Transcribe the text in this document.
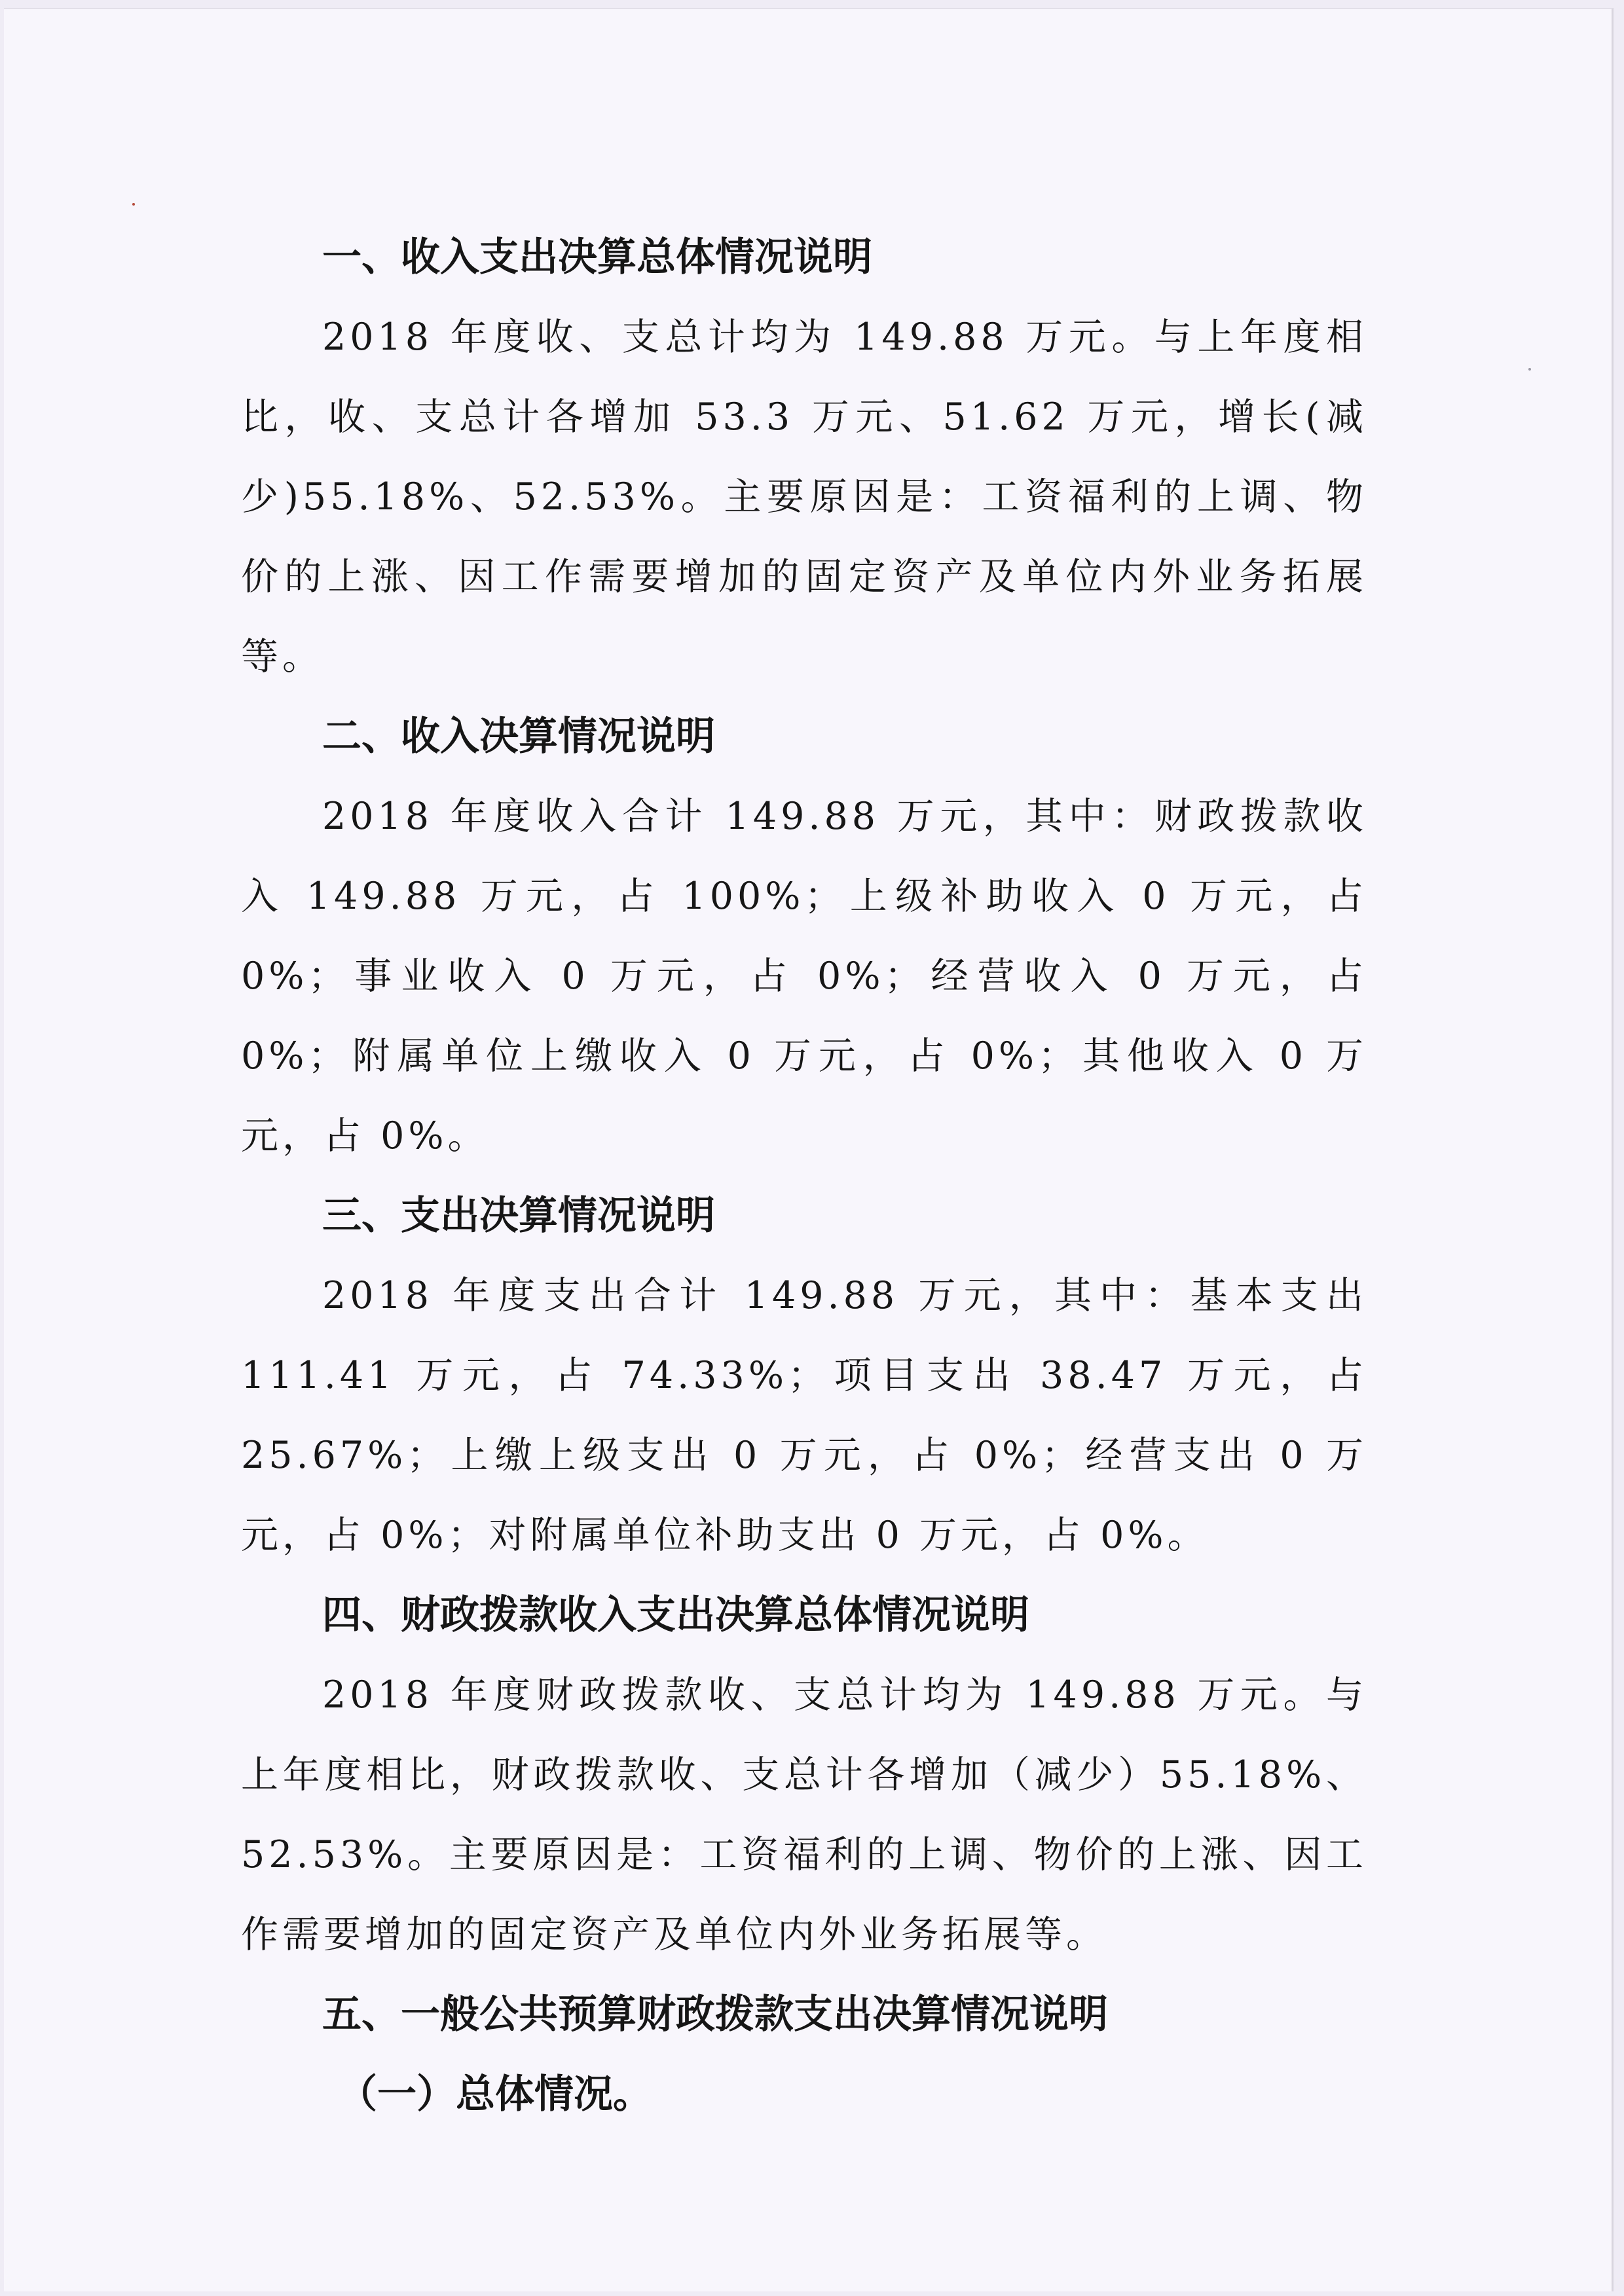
一、收入支出决算总体情况说明

2018 年度收、支总计均为 149.88 万元。与上年度相比，收、支总计各增加 53.3 万元、51.62 万元，增长(减少)55.18%、52.53%。主要原因是：工资福利的上调、物价的上涨、因工作需要增加的固定资产及单位内外业务拓展等。

二、收入决算情况说明

2018 年度收入合计 149.88 万元，其中：财政拨款收入 149.88 万元，占 100%；上级补助收入 0 万元，占 0%；事业收入 0 万元，占 0%；经营收入 0 万元，占 0%；附属单位上缴收入 0 万元，占 0%；其他收入 0 万元，占 0%。

三、支出决算情况说明

2018 年度支出合计 149.88 万元，其中：基本支出 111.41 万元，占 74.33%；项目支出 38.47 万元，占 25.67%；上缴上级支出 0 万元，占 0%；经营支出 0 万元，占 0%；对附属单位补助支出 0 万元，占 0%。

四、财政拨款收入支出决算总体情况说明

2018 年度财政拨款收、支总计均为 149.88 万元。与上年度相比，财政拨款收、支总计各增加（减少）55.18%、52.53%。主要原因是：工资福利的上调、物价的上涨、因工作需要增加的固定资产及单位内外业务拓展等。

五、一般公共预算财政拨款支出决算情况说明
（一）总体情况。
